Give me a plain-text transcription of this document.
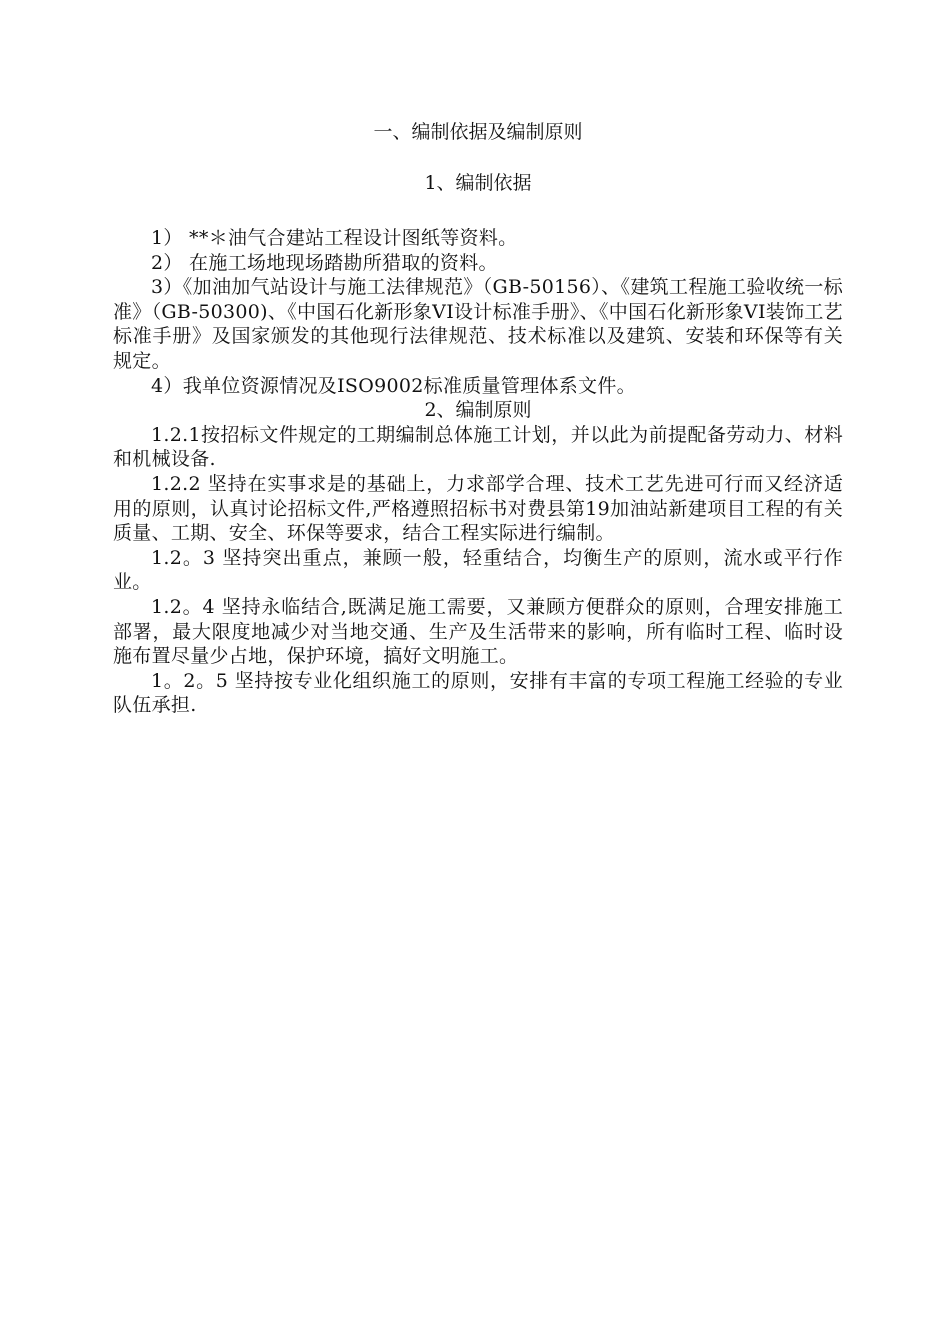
一、编制依据及编制原则

1、编制依据

1） **＊油气合建站工程设计图纸等资料。

2） 在施工场地现场踏勘所猎取的资料。

3）《加油加气站设计与施工法律规范》（GB-50156）、《建筑工程施工验收统一标准》（GB-50300)、《中国石化新形象VI设计标准手册》、《中国石化新形象VI装饰工艺标准手册》及国家颁发的其他现行法律规范、技术标准以及建筑、安装和环保等有关规定。

4）我单位资源情况及ISO9002标准质量管理体系文件。

2、编制原则

1.2.1按招标文件规定的工期编制总体施工计划，并以此为前提配备劳动力、材料和机械设备.

1.2.2 坚持在实事求是的基础上，力求部学合理、技术工艺先进可行而又经济适用的原则，认真讨论招标文件,严格遵照招标书对费县第19加油站新建项目工程的有关质量、工期、安全、环保等要求，结合工程实际进行编制。

1.2。3 坚持突出重点，兼顾一般，轻重结合，均衡生产的原则，流水或平行作业。

1.2。4 坚持永临结合,既满足施工需要，又兼顾方便群众的原则，合理安排施工部署，最大限度地减少对当地交通、生产及生活带来的影响，所有临时工程、临时设施布置尽量少占地，保护环境，搞好文明施工。

1。2。5 坚持按专业化组织施工的原则，安排有丰富的专项工程施工经验的专业队伍承担.
